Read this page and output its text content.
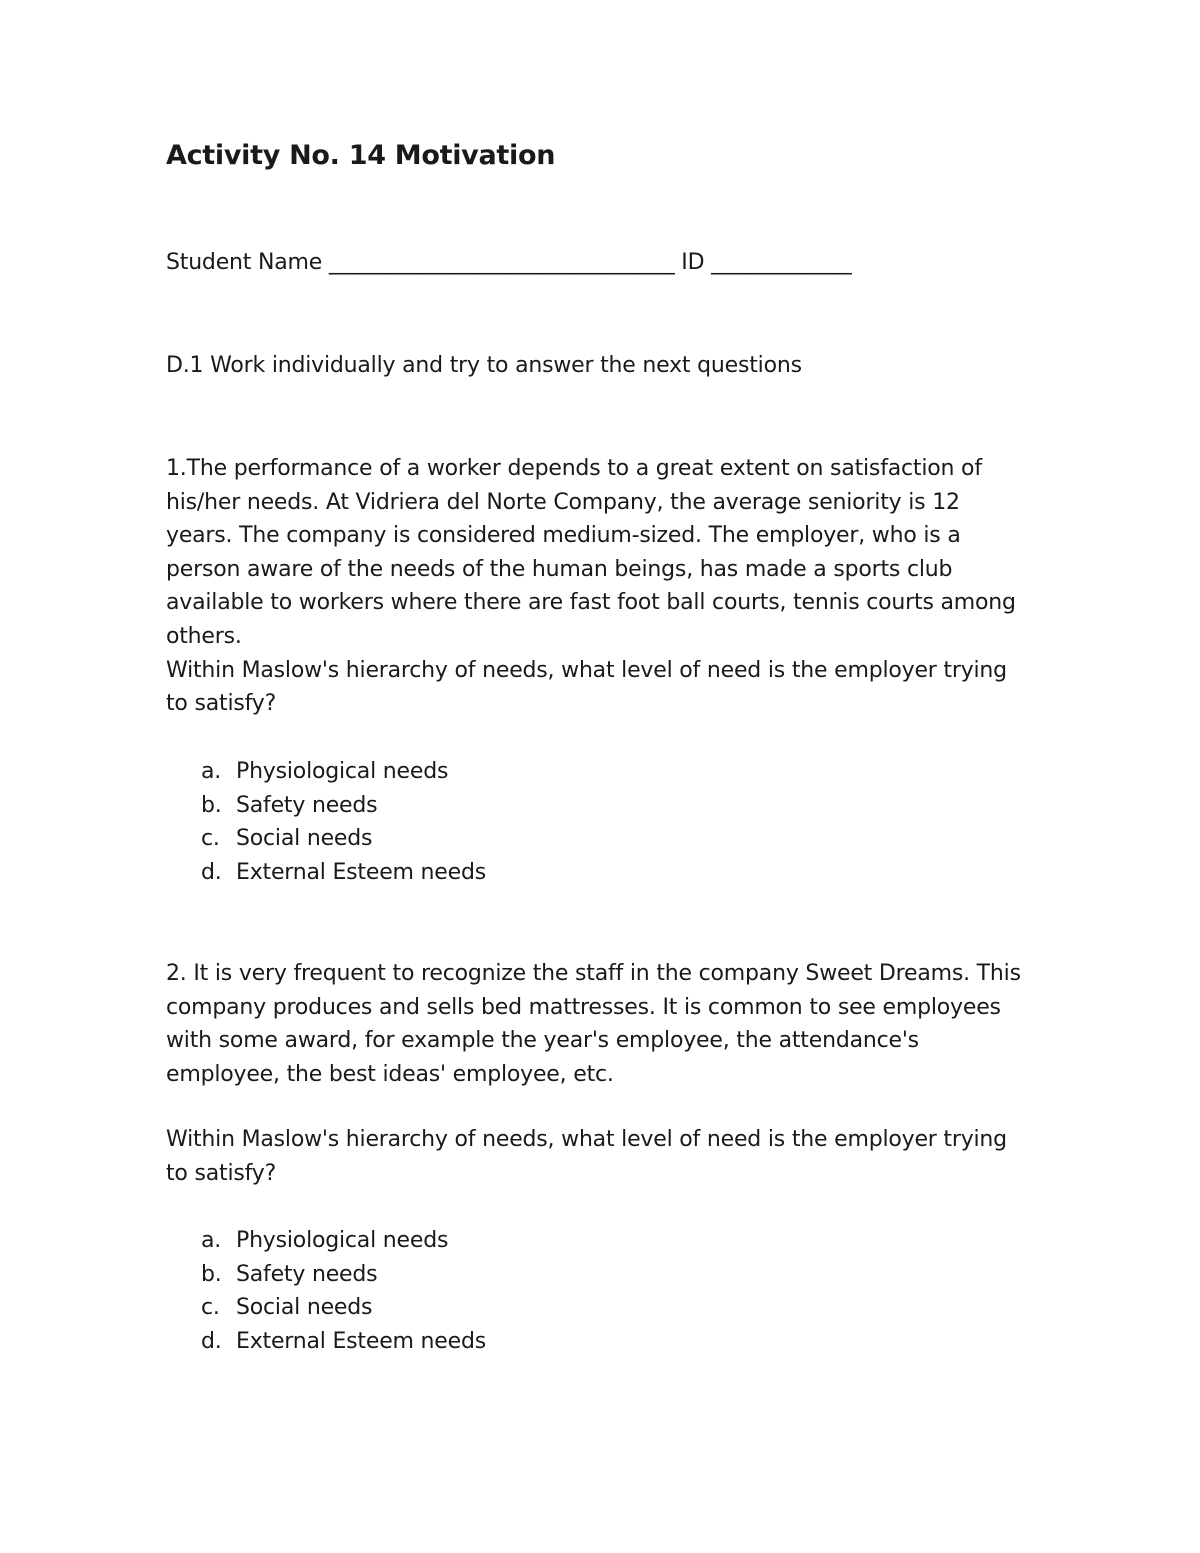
Activity No. 14 Motivation
Student Name ________________________________ ID _____________
D.1 Work individually and try to answer the next questions

1.The performance of a worker depends to a great extent on satisfaction of his/her needs. At Vidriera del Norte Company, the average seniority is 12 years. The company is considered medium-sized. The employer, who is a person aware of the needs of the human beings, has made a sports club available to workers where there are fast foot ball courts, tennis courts among others.

Within Maslow's hierarchy of needs, what level of need is the employer trying to satisfy?

a. Physiological needs
b. Safety needs
c. Social needs
d. External Esteem needs

2. It is very frequent to recognize the staff in the company Sweet Dreams. This company produces and sells bed mattresses. It is common to see employees with some award, for example the year's employee, the attendance's employee, the best ideas' employee, etc.

Within Maslow's hierarchy of needs, what level of need is the employer trying to satisfy?

a. Physiological needs
b. Safety needs
c. Social needs
d. External Esteem needs
